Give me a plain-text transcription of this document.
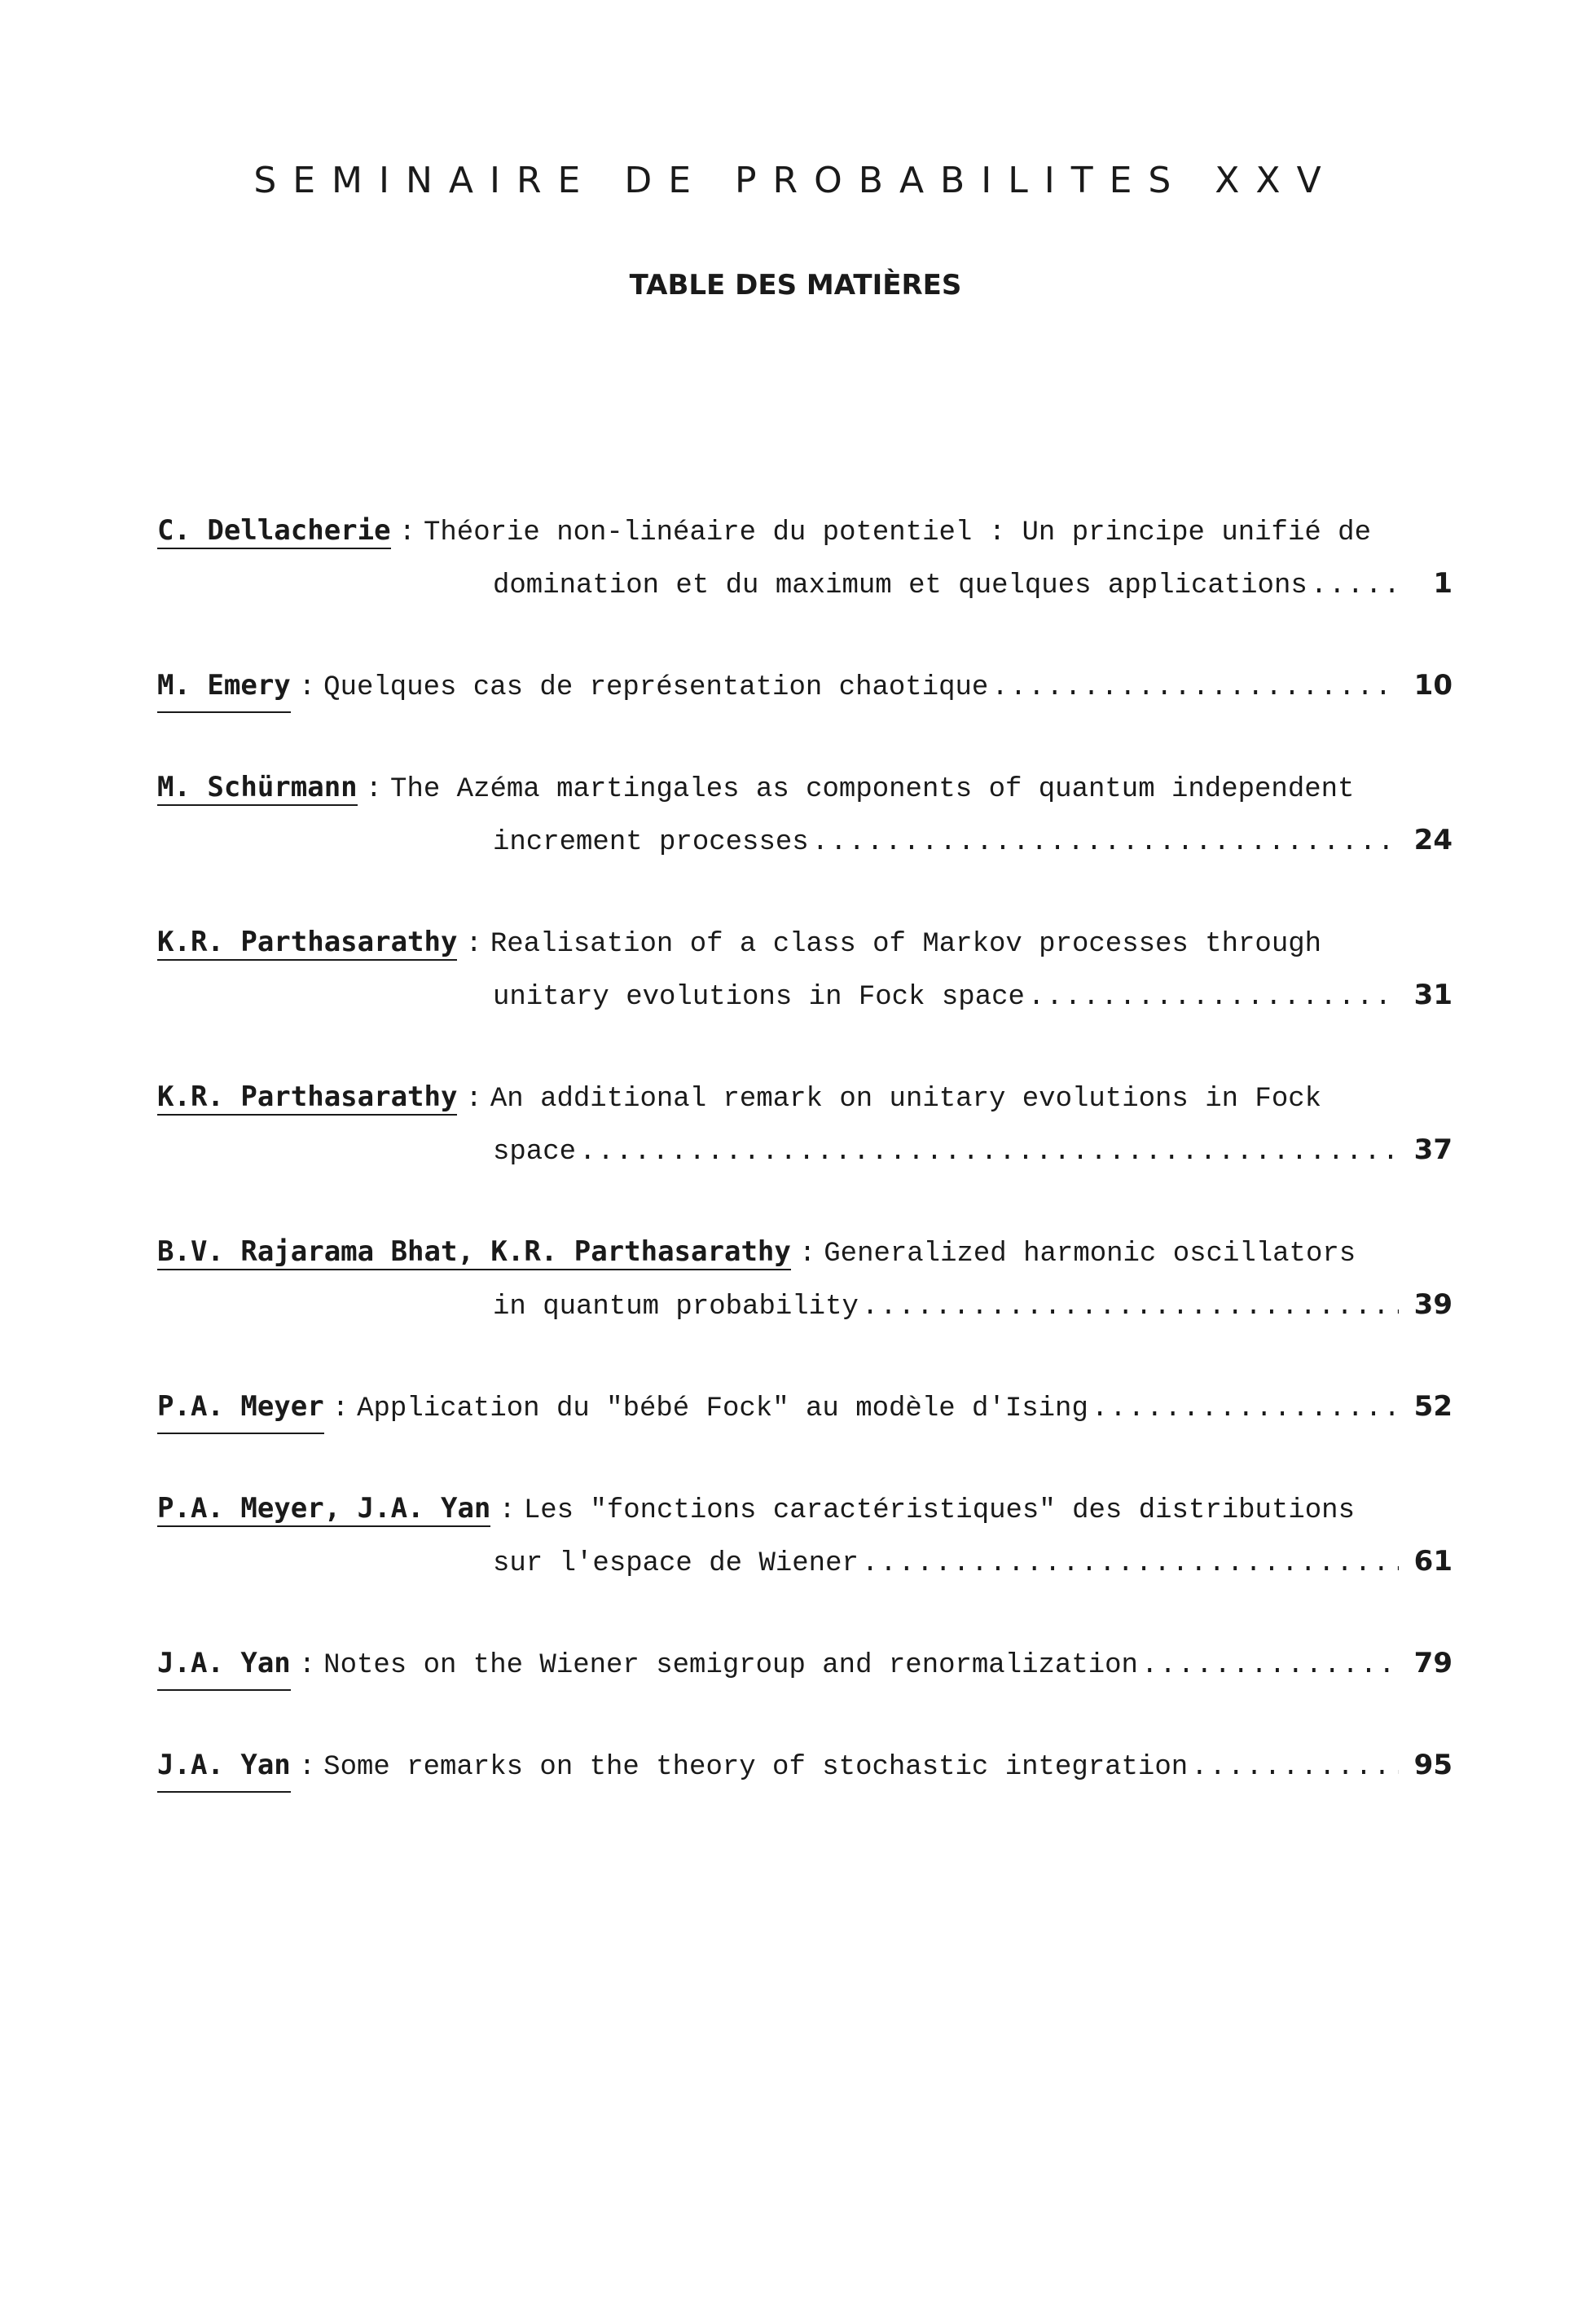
SEMINAIRE DE PROBABILITES XXV
TABLE DES MATIÈRES
C. Dellacherie : Théorie non-linéaire du potentiel : Un principe unifié de
domination et du maximum et quelques applications .....	1
M. Emery : Quelques cas de représentation chaotique .....	10
M. Schürmann : The Azéma martingales as components of quantum independent
increment processes .....	24
K.R. Parthasarathy : Realisation of a class of Markov processes through
unitary evolutions in Fock space .....	31
K.R. Parthasarathy : An additional remark on unitary evolutions in Fock
space .....	37
B.V. Rajarama Bhat, K.R. Parthasarathy : Generalized harmonic oscillators
in quantum probability .....	39
P.A. Meyer : Application du "bébé Fock" au modèle d'Ising .....	52
P.A. Meyer, J.A. Yan : Les "fonctions caractéristiques" des distributions
sur l'espace de Wiener .....	61
J.A. Yan : Notes on the Wiener semigroup and renormalization .....	79
J.A. Yan : Some remarks on the theory of stochastic integration .....	95
